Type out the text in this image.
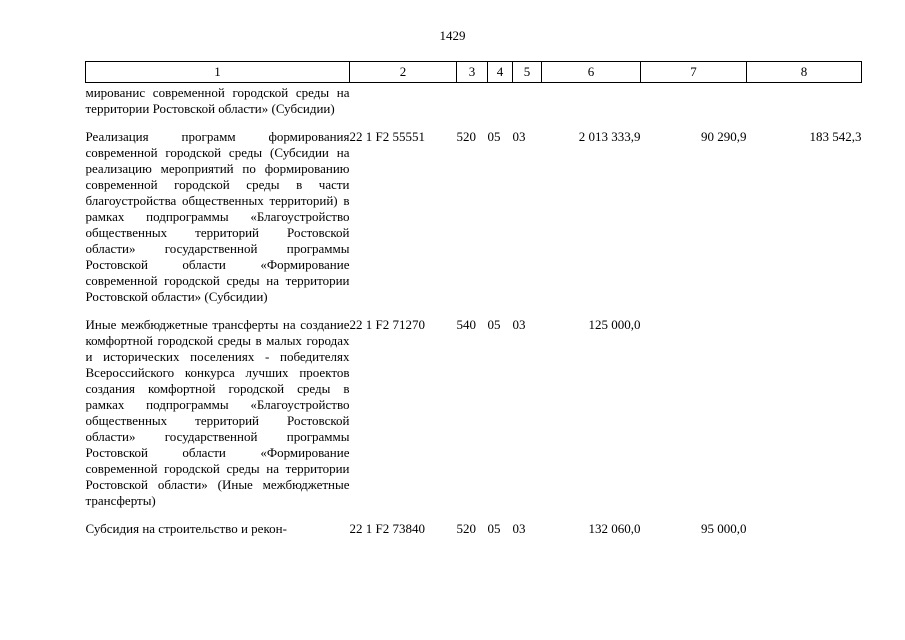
1429
1	2	3	4	5	6	7	8
мированис современной городской среды на территории Ростовской области» (Субсидии)							
Реализация программ формирования современной городской среды (Субсидии на реализацию мероприятий по формированию современной городской среды в части благоустройства общественных территорий) в рамках подпрограммы «Благоустройство общественных территорий Ростовской области» государственной программы Ростовской области «Формирование современной городской среды на территории Ростовской области» (Субсидии)	22 1 F2 55551	520	05	03	2 013 333,9	90 290,9	183 542,3
Иные межбюджетные трансферты на создание комфортной городской среды в малых городах и исторических поселениях - победителях Всероссийского конкурса лучших проектов создания комфортной городской среды в рамках подпрограммы «Благоустройство общественных территорий Ростовской области» государственной программы Ростовской области «Формирование современной городской среды на территории Ростовской области» (Иные межбюджетные трансферты)	22 1 F2 71270	540	05	03	125 000,0		
Субсидия на строительство и рекон-	22 1 F2 73840	520	05	03	132 060,0	95 000,0	
